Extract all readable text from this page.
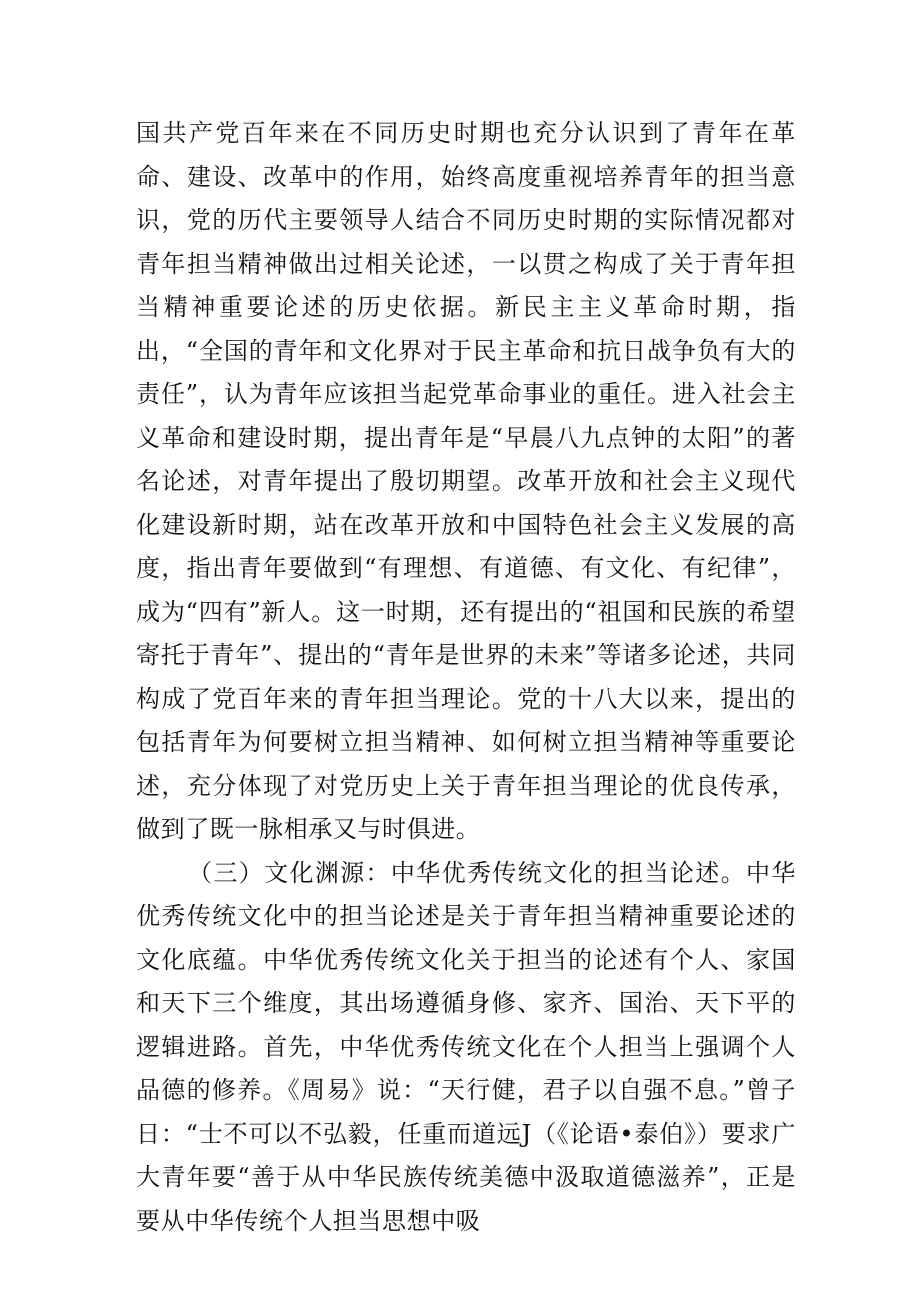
国共产党百年来在不同历史时期也充分认识到了青年在革命、建设、改革中的作用，始终高度重视培养青年的担当意识，党的历代主要领导人结合不同历史时期的实际情况都对青年担当精神做出过相关论述，一以贯之构成了关于青年担当精神重要论述的历史依据。新民主主义革命时期，指出，“全国的青年和文化界对于民主革命和抗日战争负有大的责任”，认为青年应该担当起党革命事业的重任。进入社会主义革命和建设时期，提出青年是“早晨八九点钟的太阳”的著名论述，对青年提出了殷切期望。改革开放和社会主义现代化建设新时期，站在改革开放和中国特色社会主义发展的高度，指出青年要做到“有理想、有道德、有文化、有纪律”，成为“四有”新人。这一时期，还有提出的“祖国和民族的希望寄托于青年”、提出的“青年是世界的未来”等诸多论述，共同构成了党百年来的青年担当理论。党的十八大以来，提出的包括青年为何要树立担当精神、如何树立担当精神等重要论述，充分体现了对党历史上关于青年担当理论的优良传承，做到了既一脉相承又与时俱进。

（三）文化渊源：中华优秀传统文化的担当论述。中华优秀传统文化中的担当论述是关于青年担当精神重要论述的文化底蕴。中华优秀传统文化关于担当的论述有个人、家国和天下三个维度，其出场遵循身修、家齐、国治、天下平的逻辑进路。首先，中华优秀传统文化在个人担当上强调个人品德的修养。《周易》说：“天行健，君子以自强不息。”曾子日：“士不可以不弘毅，任重而道远J（《论语•泰伯》）要求广大青年要“善于从中华民族传统美德中汲取道德滋养”，正是要从中华传统个人担当思想中吸
